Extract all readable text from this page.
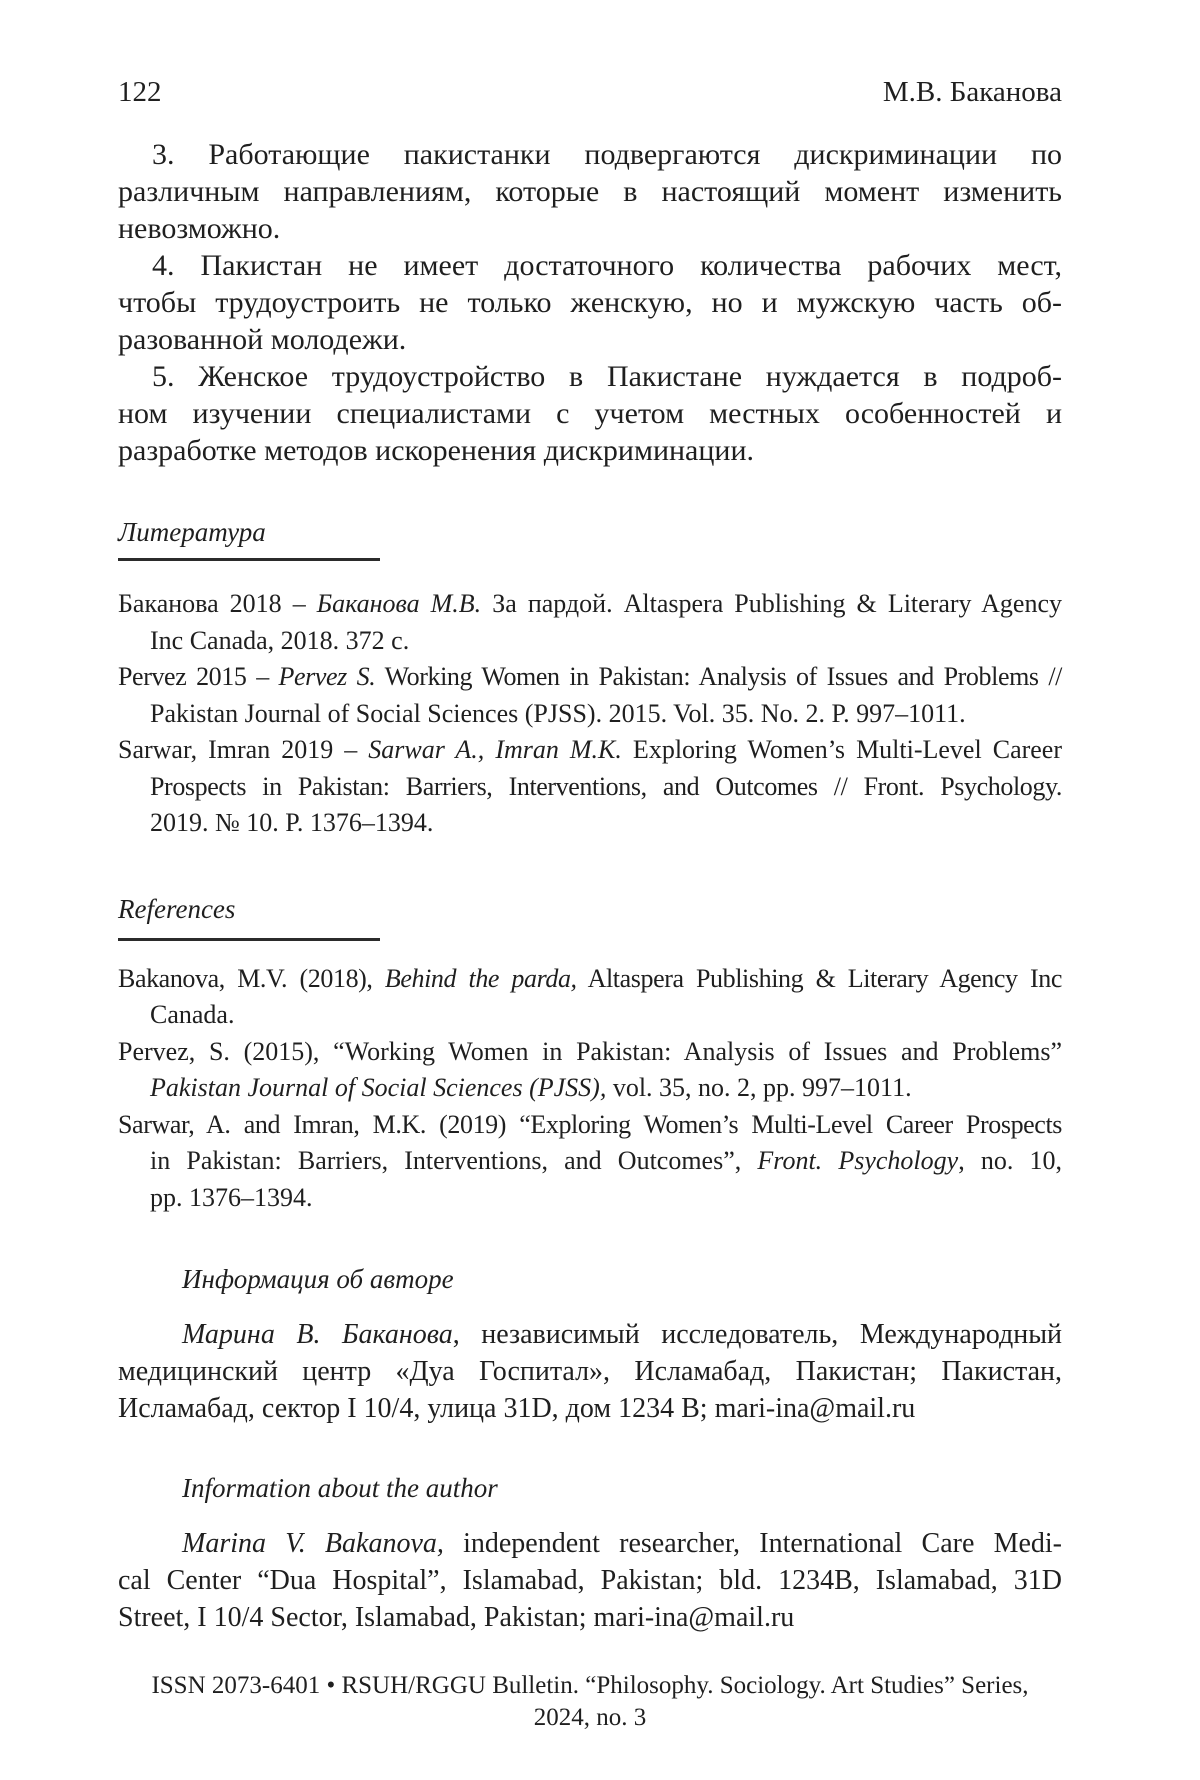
122	М.В. Баканова
3. Работающие пакистанки подвергаются дискриминации по
различным направлениям, которые в настоящий момент изменить
невозможно.
4. Пакистан не имеет достаточного количества рабочих мест,
чтобы трудоустроить не только женскую, но и мужскую часть об-
разованной молодежи.
5. Женское трудоустройство в Пакистане нуждается в подроб-
ном изучении специалистами с учетом местных особенностей и
разработке методов искоренения дискриминации.
Литература
Баканова 2018 – Баканова М.В. За пардой. Altaspera Publishing & Literary Agency
Inc Canada, 2018. 372 с.
Pervez 2015 – Pervez S. Working Women in Pakistan: Analysis of Issues and Problems //
Pakistan Journal of Social Sciences (PJSS). 2015. Vol. 35. No. 2. P. 997–1011.
Sarwar, Imran 2019 – Sarwar A., Imran M.K. Exploring Women’s Multi-Level Career
Prospects in Pakistan: Barriers, Interventions, and Outcomes // Front. Psychology.
2019. № 10. P. 1376–1394.
References
Bakanova, M.V. (2018), Behind the parda, Altaspera Publishing & Literary Agency Inc
Canada.
Pervez, S. (2015), “Working Women in Pakistan: Analysis of Issues and Problems”
Pakistan Journal of Social Sciences (PJSS), vol. 35, no. 2, pp. 997–1011.
Sarwar, A. and Imran, M.K. (2019) “Exploring Women’s Multi-Level Career Prospects
in Pakistan: Barriers, Interventions, and Outcomes”, Front. Psychology, no. 10,
pp. 1376–1394.
Информация об авторе
Марина В. Баканова, независимый исследователь, Международный
медицинский центр «Дуа Госпитал», Исламабад, Пакистан; Пакистан,
Исламабад, сектор I 10/4, улица 31D, дом 1234 B; mari-ina@mail.ru
Information about the author
Marina V. Bakanova, independent researcher, International Care Medi-
cal Center “Dua Hospital”, Islamabad, Pakistan; bld. 1234B, Islamabad, 31D
Street, I 10/4 Sector, Islamabad, Pakistan; mari-ina@mail.ru
ISSN 2073-6401 • RSUH/RGGU Bulletin. “Philosophy. Sociology. Art Studies” Series,
2024, no. 3
